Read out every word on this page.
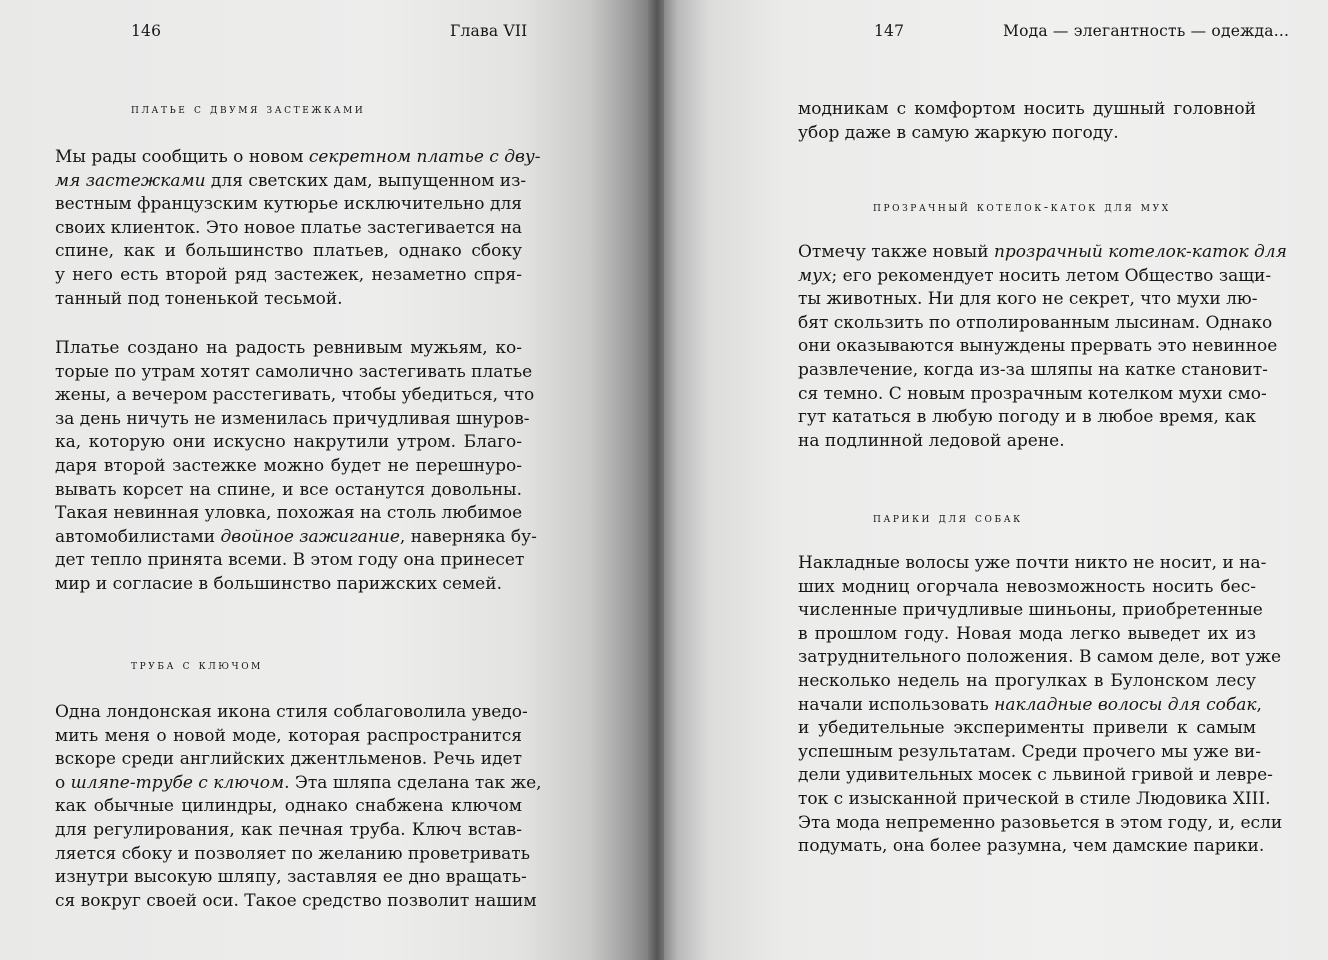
146	Глава VII
платье с двумя застежками
Мы рады сообщить о новом секретном платье с дву-
мя застежками для светских дам, выпущенном из-
вестным французским кутюрье исключительно для
своих клиенток. Это новое платье застегивается на
спине, как и большинство платьев, однако сбоку
у него есть второй ряд застежек, незаметно спря-
танный под тоненькой тесьмой.
Платье создано на радость ревнивым мужьям, ко-
торые по утрам хотят самолично застегивать платье
жены, а вечером расстегивать, чтобы убедиться, что
за день ничуть не изменилась причудливая шнуров-
ка, которую они искусно накрутили утром. Благо-
даря второй застежке можно будет не перешнуро-
вывать корсет на спине, и все останутся довольны.
Такая невинная уловка, похожая на столь любимое
автомобилистами двойное зажигание, наверняка бу-
дет тепло принята всеми. В этом году она принесет
мир и согласие в большинство парижских семей.
труба с ключом
Одна лондонская икона стиля соблаговолила уведо-
мить меня о новой моде, которая распространится
вскоре среди английских джентльменов. Речь идет
о шляпе-трубе с ключом. Эта шляпа сделана так же,
как обычные цилиндры, однако снабжена ключом
для регулирования, как печная труба. Ключ встав-
ляется сбоку и позволяет по желанию проветривать
изнутри высокую шляпу, заставляя ее дно вращать-
ся вокруг своей оси. Такое средство позволит нашим
147	Мода — элегантность — одежда...
модникам с комфортом носить душный головной
убор даже в самую жаркую погоду.
прозрачный котелок-каток для мух
Отмечу также новый прозрачный котелок-каток для
мух; его рекомендует носить летом Общество защи-
ты животных. Ни для кого не секрет, что мухи лю-
бят скользить по отполированным лысинам. Однако
они оказываются вынуждены прервать это невинное
развлечение, когда из-за шляпы на катке становит-
ся темно. С новым прозрачным котелком мухи смо-
гут кататься в любую погоду и в любое время, как
на подлинной ледовой арене.
парики для собак
Накладные волосы уже почти никто не носит, и на-
ших модниц огорчала невозможность носить бес-
численные причудливые шиньоны, приобретенные
в прошлом году. Новая мода легко выведет их из
затруднительного положения. В самом деле, вот уже
несколько недель на прогулках в Булонском лесу
начали использовать накладные волосы для собак,
и убедительные эксперименты привели к самым
успешным результатам. Среди прочего мы уже ви-
дели удивительных мосек с львиной гривой и левре-
ток с изысканной прической в стиле Людовика XIII.
Эта мода непременно разовьется в этом году, и, если
подумать, она более разумна, чем дамские парики.
